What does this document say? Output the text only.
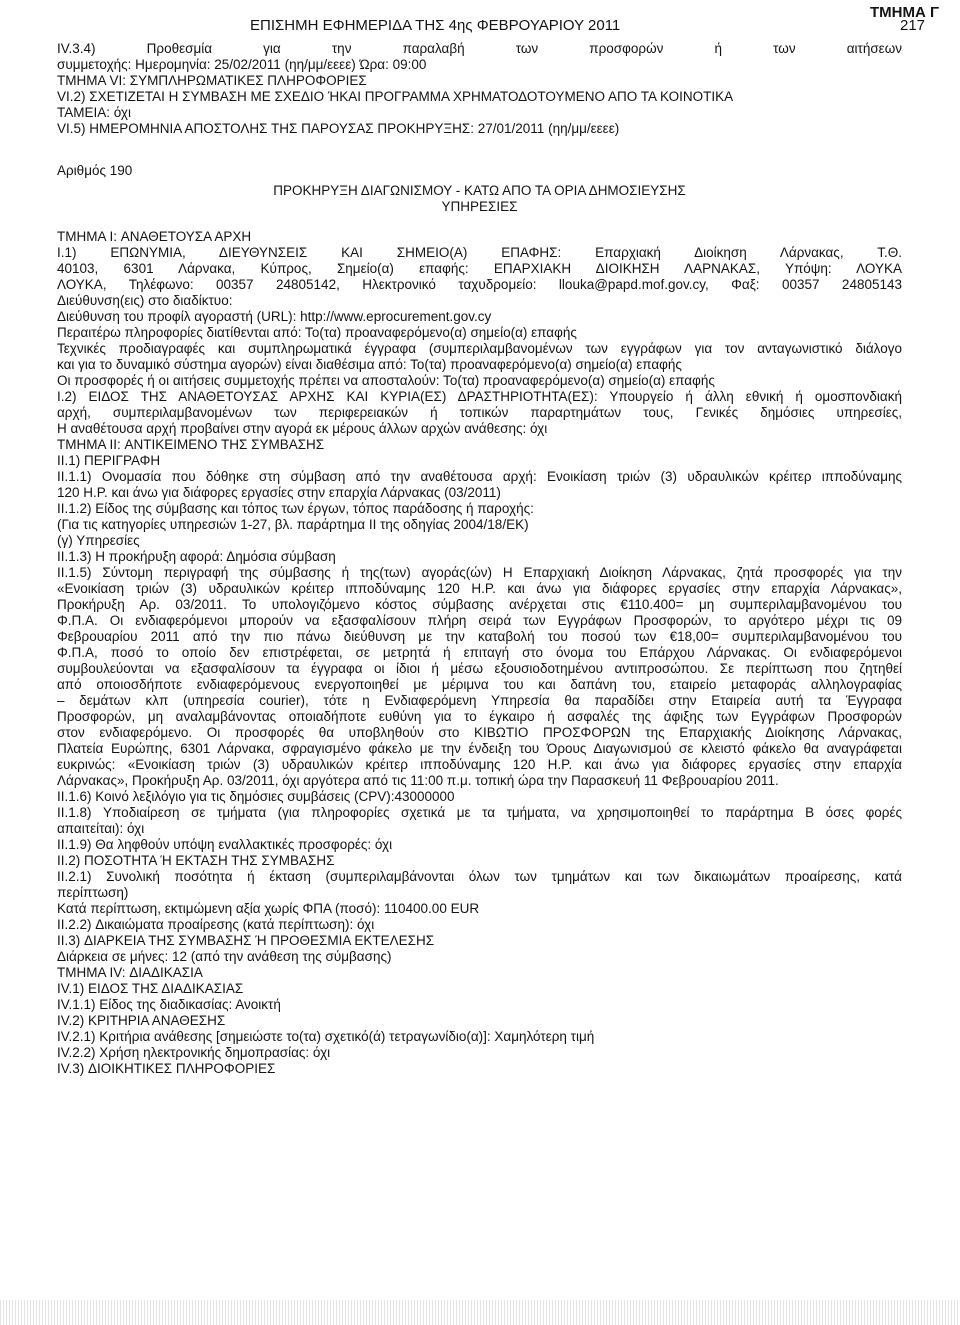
ΤΜΗΜΑ Γ
ΕΠΙΣΗΜΗ ΕΦΗΜΕΡΙΔΑ ΤΗΣ 4ης ΦΕΒΡΟΥΑΡΙΟΥ 2011	217

IV.3.4) Προθεσμία για την παραλαβή των προσφορών ή των αιτήσεων

συμμετοχής: Ημερομηνία: 25/02/2011 (ηη/μμ/εεεε) Ώρα: 09:00

ΤΜΗΜΑ VI: ΣΥΜΠΛΗΡΩΜΑΤΙΚΕΣ ΠΛΗΡΟΦΟΡΙΕΣ

VI.2) ΣΧΕΤΙΖΕΤΑΙ Η ΣΥΜΒΑΣΗ ΜΕ ΣΧΕΔΙΟ ΉΚΑΙ ΠΡΟΓΡΑΜΜΑ ΧΡΗΜΑΤΟΔΟΤΟΥΜΕΝΟ ΑΠΟ ΤΑ ΚΟΙΝΟΤΙΚΑ

ΤΑΜΕΙΑ: όχι

VI.5) ΗΜΕΡΟΜΗΝΙΑ ΑΠΟΣΤΟΛΗΣ ΤΗΣ ΠΑΡΟΥΣΑΣ ΠΡΟΚΗΡΥΞΗΣ: 27/01/2011 (ηη/μμ/εεεε)

Αριθμός 190

ΠΡΟΚΗΡΥΞΗ ΔΙΑΓΩΝΙΣΜΟΥ - ΚΑΤΩ ΑΠΟ ΤΑ ΟΡΙΑ ΔΗΜΟΣΙΕΥΣΗΣ

ΥΠΗΡΕΣΙΕΣ

ΤΜΗΜΑ I: ΑΝΑΘΕΤΟΥΣΑ ΑΡΧΗ

I.1) ΕΠΩΝΥΜΙΑ, ΔΙΕΥΘΥΝΣΕΙΣ ΚΑΙ ΣΗΜΕΙΟ(Α) ΕΠΑΦΗΣ: Επαρχιακή Διοίκηση Λάρνακας, Τ.Θ.

40103, 6301 Λάρνακα, Κύπρος, Σημείο(α) επαφής: ΕΠΑΡΧΙΑΚΗ ΔΙΟΙΚΗΣΗ ΛΑΡΝΑΚΑΣ, Υπόψη: ΛΟΥΚΑ

ΛΟΥΚΑ, Τηλέφωνο: 00357 24805142, Ηλεκτρονικό ταχυδρομείο: llouka@papd.mof.gov.cy, Φαξ: 00357 24805143

Διεύθυνση(εις) στο διαδίκτυο:

Διεύθυνση του προφίλ αγοραστή (URL): http://www.eprocurement.gov.cy

Περαιτέρω πληροφορίες διατίθενται από: Το(τα) προαναφερόμενο(α) σημείο(α) επαφής

Τεχνικές προδιαγραφές και συμπληρωματικά έγγραφα (συμπεριλαμβανομένων των εγγράφων για τον ανταγωνιστικό διάλογο

και για το δυναμικό σύστημα αγορών) είναι διαθέσιμα από: Το(τα) προαναφερόμενο(α) σημείο(α) επαφής

Οι προσφορές ή οι αιτήσεις συμμετοχής πρέπει να αποσταλούν: Το(τα) προαναφερόμενο(α) σημείο(α) επαφής

I.2) ΕΙΔΟΣ ΤΗΣ ΑΝΑΘΕΤΟΥΣΑΣ ΑΡΧΗΣ ΚΑΙ ΚΥΡΙΑ(ΕΣ) ΔΡΑΣΤΗΡΙΟΤΗΤΑ(ΕΣ): Υπουργείο ή άλλη εθνική ή ομοσπονδιακή

αρχή, συμπεριλαμβανομένων των περιφερειακών ή τοπικών παραρτημάτων τους, Γενικές δημόσιες υπηρεσίες,

Η αναθέτουσα αρχή προβαίνει στην αγορά εκ μέρους άλλων αρχών ανάθεσης: όχι

ΤΜΗΜΑ II: ΑΝΤΙΚΕΙΜΕΝΟ ΤΗΣ ΣΥΜΒΑΣΗΣ

II.1) ΠΕΡΙΓΡΑΦΗ

II.1.1) Ονομασία που δόθηκε στη σύμβαση από την αναθέτουσα αρχή: Ενοικίαση τριών (3) υδραυλικών κρέιτερ ιπποδύναμης

120 Η.Ρ. και άνω για διάφορες εργασίες στην επαρχία Λάρνακας (03/2011)

II.1.2) Είδος της σύμβασης και τόπος των έργων, τόπος παράδοσης ή παροχής:

(Για τις κατηγορίες υπηρεσιών 1-27, βλ. παράρτημα II της οδηγίας 2004/18/ΕΚ)

(γ) Υπηρεσίες

II.1.3) Η προκήρυξη αφορά: Δημόσια σύμβαση

II.1.5) Σύντομη περιγραφή της σύμβασης ή της(των) αγοράς(ών) Η Επαρχιακή Διοίκηση Λάρνακας, ζητά προσφορές για την

«Ενοικίαση τριών (3) υδραυλικών κρέιτερ ιπποδύναμης 120 Η.Ρ. και άνω για διάφορες εργασίες στην επαρχία Λάρνακας»,

Προκήρυξη Αρ. 03/2011. Το υπολογιζόμενο κόστος σύμβασης ανέρχεται στις €110.400= μη συμπεριλαμβανομένου του

Φ.Π.Α. Οι ενδιαφερόμενοι μπορούν να εξασφαλίσουν πλήρη σειρά των Εγγράφων Προσφορών, το αργότερο μέχρι τις 09

Φεβρουαρίου 2011 από την πιο πάνω διεύθυνση με την καταβολή του ποσού των €18,00= συμπεριλαμβανομένου του

Φ.Π.Α, ποσό το οποίο δεν επιστρέφεται, σε μετρητά ή επιταγή στο όνομα του Επάρχου Λάρνακας. Οι ενδιαφερόμενοι

συμβουλεύονται να εξασφαλίσουν τα έγγραφα οι ίδιοι ή μέσω εξουσιοδοτημένου αντιπροσώπου. Σε περίπτωση που ζητηθεί

από οποιοσδήποτε ενδιαφερόμενους ενεργοποιηθεί με μέριμνα του και δαπάνη του, εταιρείο μεταφοράς αλληλογραφίας

– δεμάτων κλπ (υπηρεσία courier), τότε η Ενδιαφερόμενη Υπηρεσία θα παραδίδει στην Εταιρεία αυτή τα Έγγραφα

Προσφορών, μη αναλαμβάνοντας οποιαδήποτε ευθύνη για το έγκαιρο ή ασφαλές της άφιξης των Εγγράφων Προσφορών

στον ενδιαφερόμενο. Οι προσφορές θα υποβληθούν στο ΚΙΒΩΤΙΟ ΠΡΟΣΦΟΡΩΝ της Επαρχιακής Διοίκησης Λάρνακας,

Πλατεία Ευρώπης, 6301 Λάρνακα, σφραγισμένο φάκελο με την ένδειξη του Όρους Διαγωνισμού σε κλειστό φάκελο θα αναγράφεται

ευκρινώς: «Ενοικίαση τριών (3) υδραυλικών κρέιτερ ιπποδύναμης 120 Η.Ρ. και άνω για διάφορες εργασίες στην επαρχία

Λάρνακας», Προκήρυξη Αρ. 03/2011, όχι αργότερα από τις 11:00 π.μ. τοπική ώρα την Παρασκευή 11 Φεβρουαρίου 2011.

II.1.6) Κοινό λεξιλόγιο για τις δημόσιες συμβάσεις (CPV):43000000

II.1.8) Υποδιαίρεση σε τμήματα (για πληροφορίες σχετικά με τα τμήματα, να χρησιμοποιηθεί το παράρτημα Β όσες φορές

απαιτείται): όχι

II.1.9) Θα ληφθούν υπόψη εναλλακτικές προσφορές: όχι

II.2) ΠΟΣΟΤΗΤΑ Ή ΕΚΤΑΣΗ ΤΗΣ ΣΥΜΒΑΣΗΣ

II.2.1) Συνολική ποσότητα ή έκταση (συμπεριλαμβάνονται όλων των τμημάτων και των δικαιωμάτων προαίρεσης, κατά

περίπτωση)

Κατά περίπτωση, εκτιμώμενη αξία χωρίς ΦΠΑ (ποσό): 110400.00 EUR

II.2.2) Δικαιώματα προαίρεσης (κατά περίπτωση): όχι

II.3) ΔΙΑΡΚΕΙΑ ΤΗΣ ΣΥΜΒΑΣΗΣ Ή ΠΡΟΘΕΣΜΙΑ ΕΚΤΕΛΕΣΗΣ

Διάρκεια σε μήνες: 12 (από την ανάθεση της σύμβασης)

ΤΜΗΜΑ IV: ΔΙΑΔΙΚΑΣΙΑ

IV.1) ΕΙΔΟΣ ΤΗΣ ΔΙΑΔΙΚΑΣΙΑΣ

IV.1.1) Είδος της διαδικασίας: Ανοικτή

IV.2) ΚΡΙΤΗΡΙΑ ΑΝΑΘΕΣΗΣ

IV.2.1) Κριτήρια ανάθεσης [σημειώστε το(τα) σχετικό(ά) τετραγωνίδιο(α)]: Χαμηλότερη τιμή

IV.2.2) Χρήση ηλεκτρονικής δημοπρασίας: όχι

IV.3) ΔΙΟΙΚΗΤΙΚΕΣ ΠΛΗΡΟΦΟΡΙΕΣ
